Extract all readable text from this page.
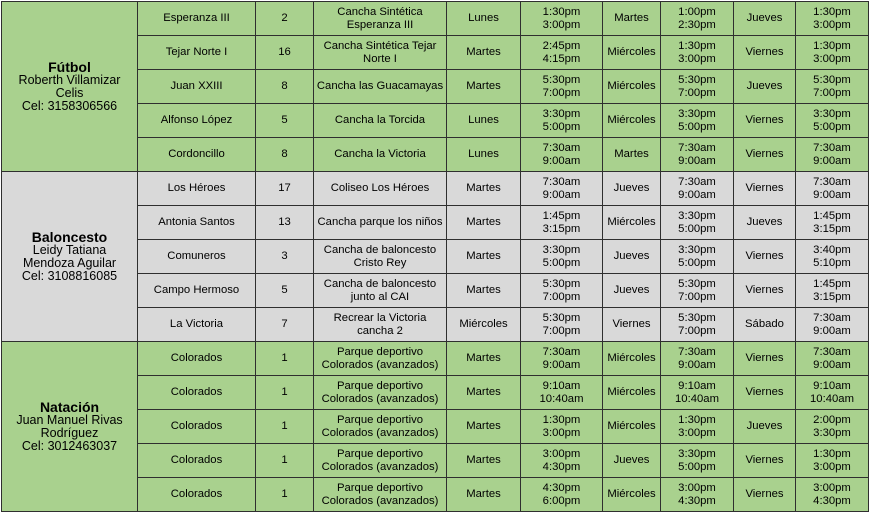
Fútbol
Roberth Villamizar
Celis
Cel: 3158306566	Esperanza III	2	Cancha Sintética Esperanza III	Lunes	1:30pm
3:00pm	Martes	1:00pm
2:30pm	Jueves	1:30pm
3:00pm

	Tejar Norte I	16	Cancha Sintética Tejar Norte I	Martes	2:45pm
4:15pm	Miércoles	1:30pm
3:00pm	Viernes	1:30pm
3:00pm

	Juan XXIII	8	Cancha las Guacamayas	Martes	5:30pm
7:00pm	Miércoles	5:30pm
7:00pm	Jueves	5:30pm
7:00pm

	Alfonso López	5	Cancha la Torcida	Lunes	3:30pm
5:00pm	Miércoles	3:30pm
5:00pm	Viernes	3:30pm
5:00pm

	Cordoncillo	8	Cancha la Victoria	Lunes	7:30am
9:00am	Martes	7:30am
9:00am	Viernes	7:30am
9:00am

Baloncesto
Leidy Tatiana
Mendoza Aguilar
Cel: 3108816085	Los Héroes	17	Coliseo Los Héroes	Martes	7:30am
9:00am	Jueves	7:30am
9:00am	Viernes	7:30am
9:00am

	Antonia Santos	13	Cancha parque los niños	Martes	1:45pm
3:15pm	Miércoles	3:30pm
5:00pm	Jueves	1:45pm
3:15pm

	Comuneros	3	Cancha de baloncesto Cristo Rey	Martes	3:30pm
5:00pm	Jueves	3:30pm
5:00pm	Viernes	3:40pm
5:10pm

	Campo Hermoso	5	Cancha de baloncesto junto al CAI	Martes	5:30pm
7:00pm	Jueves	5:30pm
7:00pm	Viernes	1:45pm
3:15pm

	La Victoria	7	Recrear la Victoria cancha 2	Miércoles	5:30pm
7:00pm	Viernes	5:30pm
7:00pm	Sábado	7:30am
9:00am

Natación
Juan Manuel Rivas
Rodríguez
Cel: 3012463037	Colorados	1	Parque deportivo Colorados (avanzados)	Martes	7:30am
9:00am	Miércoles	7:30am
9:00am	Viernes	7:30am
9:00am

	Colorados	1	Parque deportivo Colorados (avanzados)	Martes	9:10am
10:40am	Miércoles	9:10am
10:40am	Viernes	9:10am
10:40am

	Colorados	1	Parque deportivo Colorados (avanzados)	Martes	1:30pm
3:00pm	Miércoles	1:30pm
3:00pm	Jueves	2:00pm
3:30pm

	Colorados	1	Parque deportivo Colorados (avanzados)	Martes	3:00pm
4:30pm	Jueves	3:30pm
5:00pm	Viernes	1:30pm
3:00pm

	Colorados	1	Parque deportivo Colorados (avanzados)	Martes	4:30pm
6:00pm	Miércoles	3:00pm
4:30pm	Viernes	3:00pm
4:30pm
